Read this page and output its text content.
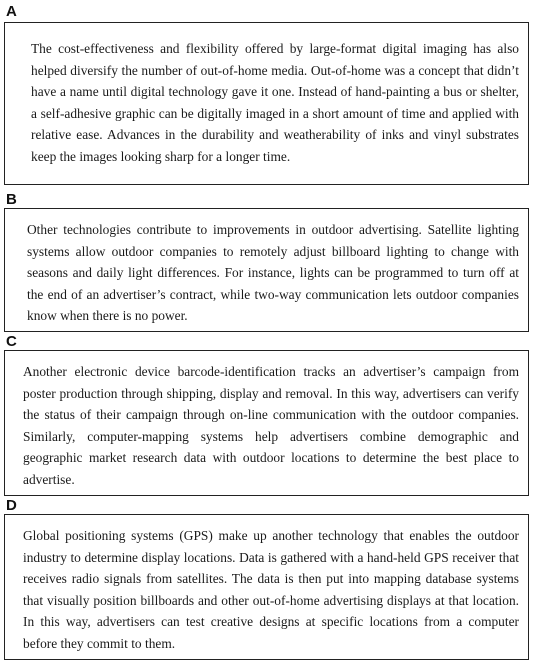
A

The cost-effectiveness and flexibility offered by large-format digital imaging has also helped diversify the number of out-of-home media. Out-of-home was a concept that didn’t have a name until digital technology gave it one. Instead of hand-painting a bus or shelter, a self-adhesive graphic can be digitally imaged in a short amount of time and applied with relative ease. Advances in the durability and weatherability of inks and vinyl substrates keep the images looking sharp for a longer time.

B

Other technologies contribute to improvements in outdoor advertising. Satellite lighting systems allow outdoor companies to remotely adjust billboard lighting to change with seasons and daily light differences. For instance, lights can be programmed to turn off at the end of an advertiser’s contract, while two-way communication lets outdoor companies know when there is no power.

C

Another electronic device barcode-identification tracks an advertiser’s campaign from poster production through shipping, display and removal. In this way, advertisers can verify the status of their campaign through on-line communication with the outdoor companies. Similarly, computer-mapping systems help advertisers combine demographic and geographic market research data with outdoor locations to determine the best place to advertise.

D

Global positioning systems (GPS) make up another technology that enables the outdoor industry to determine display locations. Data is gathered with a hand-held GPS receiver that receives radio signals from satellites. The data is then put into mapping database systems that visually position billboards and other out-of-home advertising displays at that location. In this way, advertisers can test creative designs at specific locations from a computer before they commit to them.
